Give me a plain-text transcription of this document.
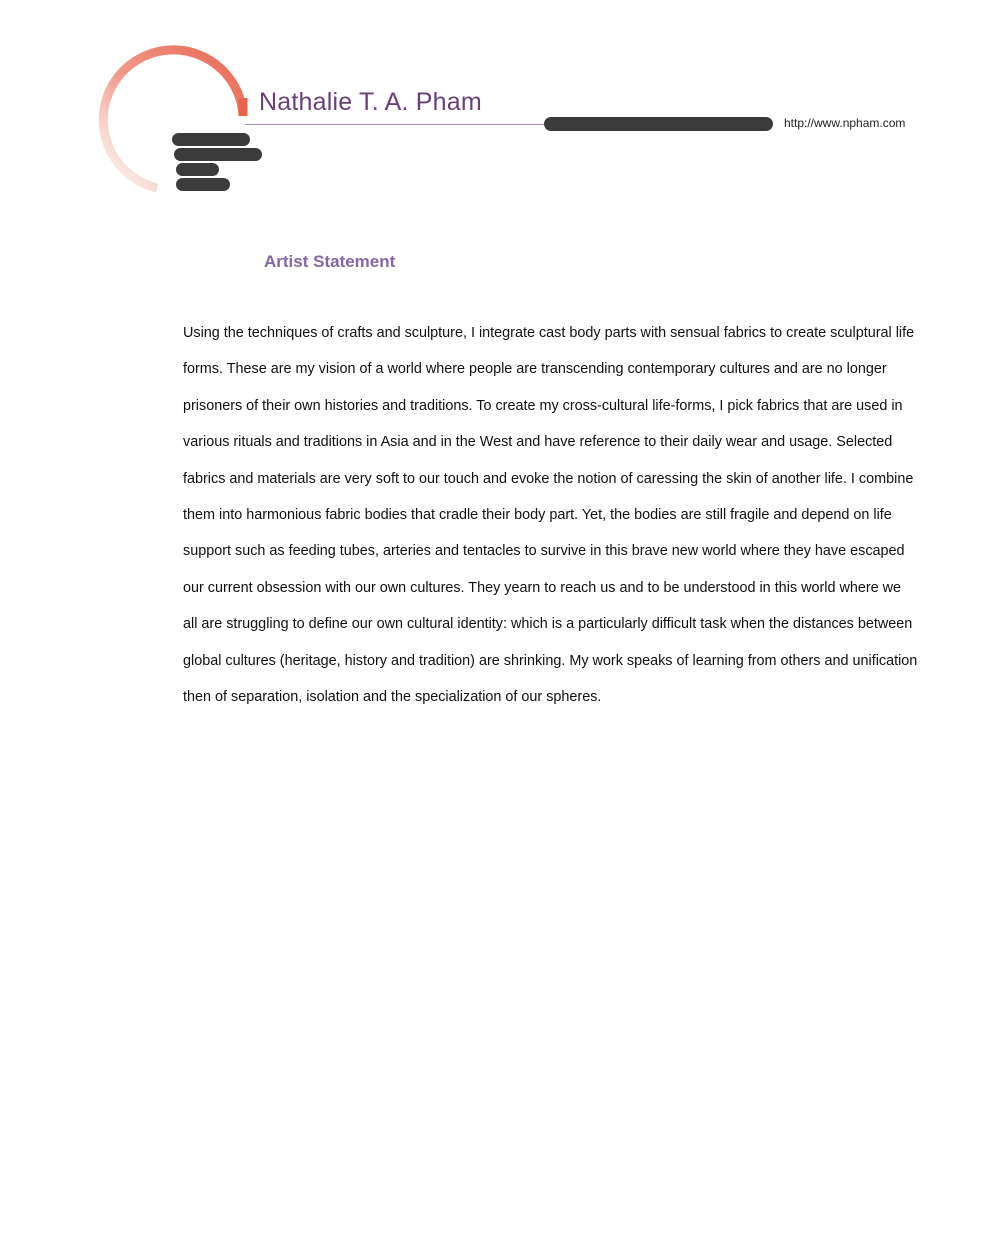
Nathalie T. A. Pham
http://www.npham.com
Artist Statement

Using the techniques of crafts and sculpture, I integrate cast body parts with sensual fabrics to create sculptural life forms. These are my vision of a world where people are transcending contemporary cultures and are no longer prisoners of their own histories and traditions. To create my cross-cultural life-forms, I pick fabrics that are used in various rituals and traditions in Asia and in the West and have reference to their daily wear and usage. Selected fabrics and materials are very soft to our touch and evoke the notion of caressing the skin of another life. I combine them into harmonious fabric bodies that cradle their body part. Yet, the bodies are still fragile and depend on life support such as feeding tubes, arteries and tentacles to survive in this brave new world where they have escaped our current obsession with our own cultures. They yearn to reach us and to be understood in this world where we all are struggling to define our own cultural identity: which is a particularly difficult task when the distances between global cultures (heritage, history and tradition) are shrinking. My work speaks of learning from others and unification then of separation, isolation and the specialization of our spheres.
